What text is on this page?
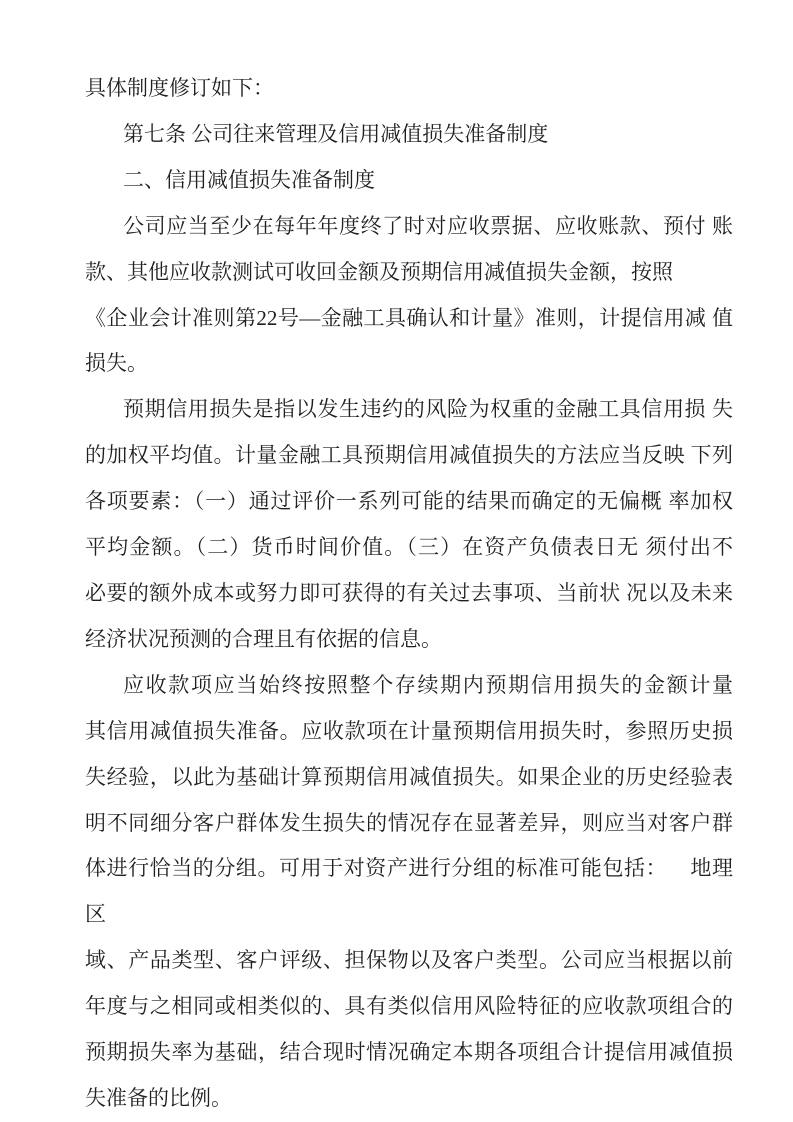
具体制度修订如下：
第七条 公司往来管理及信用减值损失准备制度
二、信用减值损失准备制度
公司应当至少在每年年度终了时对应收票据、应收账款、预付 账
款、其他应收款测试可收回金额及预期信用减值损失金额，按照
《企业会计准则第22号—金融工具确认和计量》准则，计提信用减 值
损失。
预期信用损失是指以发生违约的风险为权重的金融工具信用损 失
的加权平均值。计量金融工具预期信用减值损失的方法应当反映 下列
各项要素：（一）通过评价一系列可能的结果而确定的无偏概 率加权
平均金额。（二）货币时间价值。（三）在资产负债表日无 须付出不
必要的额外成本或努力即可获得的有关过去事项、当前状 况以及未来
经济状况预测的合理且有依据的信息。
应收款项应当始终按照整个存续期内预期信用损失的金额计量
其信用减值损失准备。应收款项在计量预期信用损失时，参照历史损
失经验，以此为基础计算预期信用减值损失。如果企业的历史经验表
明不同细分客户群体发生损失的情况存在显著差异，则应当对客户群
体进行恰当的分组。可用于对资产进行分组的标准可能包括：    地理区
域、产品类型、客户评级、担保物以及客户类型。公司应当根据以前
年度与之相同或相类似的、具有类似信用风险特征的应收款项组合的
预期损失率为基础，结合现时情况确定本期各项组合计提信用减值损
失准备的比例。
